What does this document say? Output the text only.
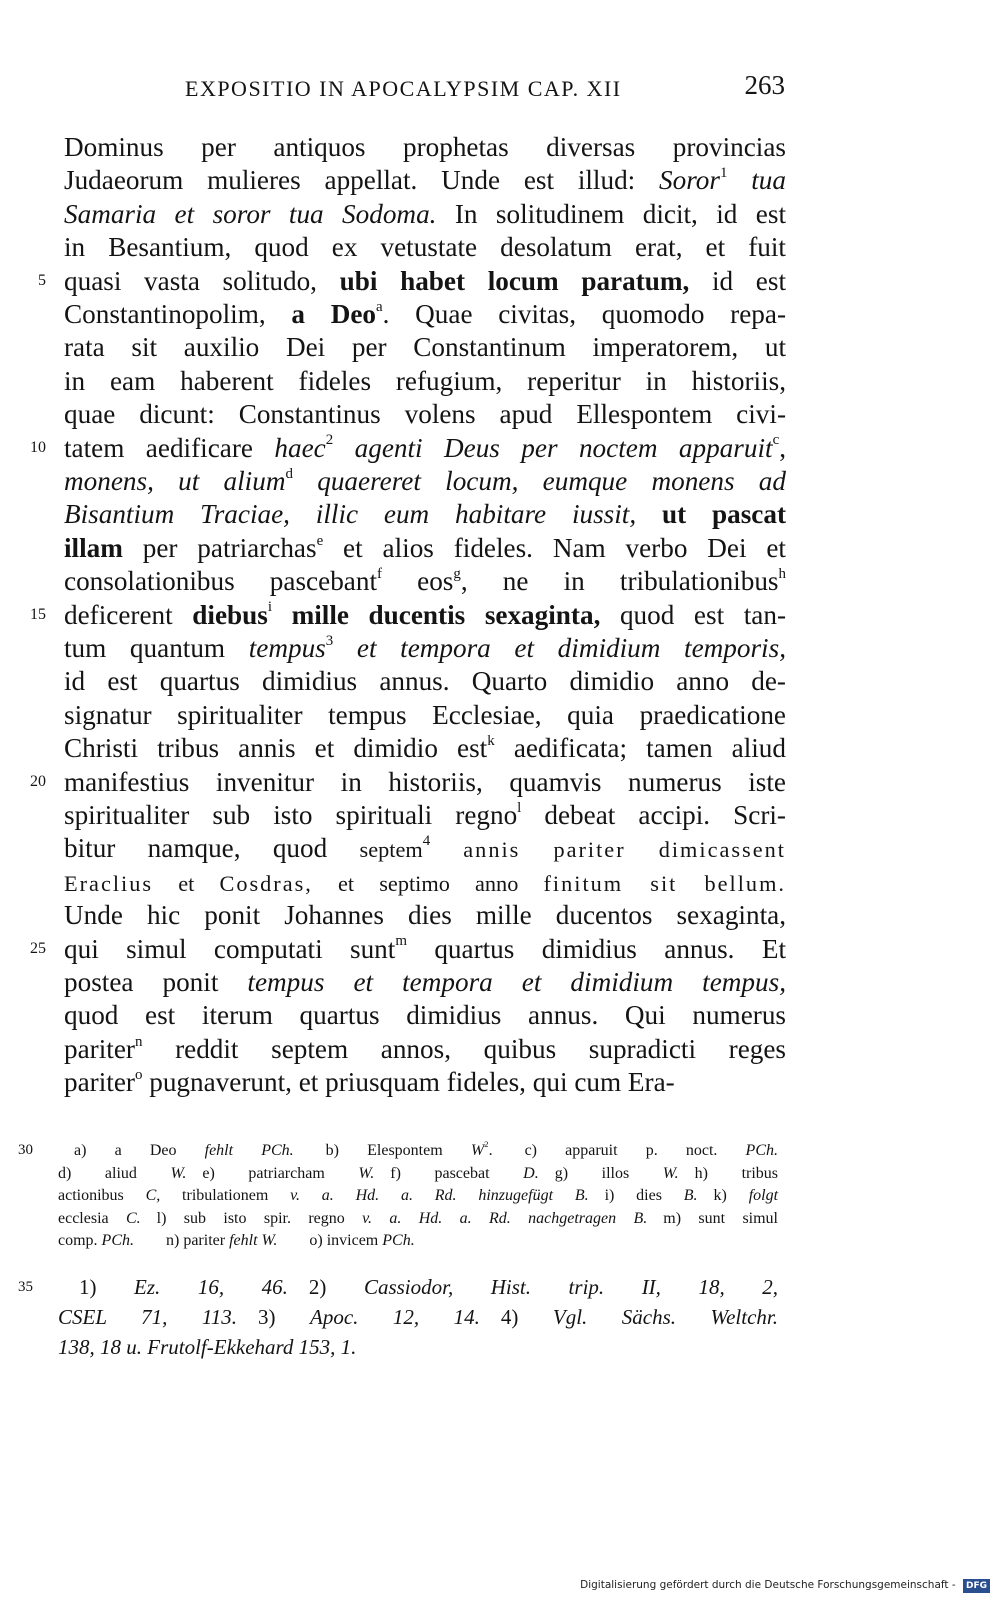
EXPOSITIO IN APOCALYPSIM CAP. XII	263
Dominus per antiquos prophetas diversas provincias
Judaeorum mulieres appellat. Unde est illud: Soror$^1$ tua
Samaria et soror tua Sodoma. In solitudinem dicit, id est
in Besantium, quod ex vetustate desolatum erat, et fuit
5 quasi vasta solitudo, ubi habet locum paratum, id est
Constantinopolim, a Deo$^a$. Quae civitas, quomodo repa-
rata sit auxilio Dei per Constantinum imperatorem, ut
in eam haberent fideles refugium, reperitur in historiis,
quae dicunt: Constantinus volens apud Ellespontem civi-
10 tatem aedificare haec$^2$ agenti Deus per noctem apparuit$^c$,
monens, ut alium$^d$ quaereret locum, eumque monens ad
Bisantium Traciae, illic eum habitare iussit, ut pascat
illam per patriarchas$^e$ et alios fideles. Nam verbo Dei et
consolationibus pascebant$^f$ eos$^g$, ne in tribulationibus$^h$
15 deficerent diebus$^i$ mille ducentis sexaginta, quod est tan-
tum quantum tempus$^3$ et tempora et dimidium temporis,
id est quartus dimidius annus. Quarto dimidio anno de-
signatur spiritualiter tempus Ecclesiae, quia praedicatione
Christi tribus annis et dimidio est$^k$ aedificata; tamen aliud
20 manifestius invenitur in historiis, quamvis numerus iste
spiritualiter sub isto spirituali regno$^l$ debeat accipi. Scri-
bitur namque, quod septem$^4$ annis pariter dimicassent
Eraclius et Cosdras, et septimo anno finitum sit bellum.
Unde hic ponit Johannes dies mille ducentos sexaginta,
25 qui simul computati sunt$^m$ quartus dimidius annus. Et
postea ponit tempus et tempora et dimidium tempus,
quod est iterum quartus dimidius annus. Qui numerus
pariter$^n$ reddit septem annos, quibus supradicti reges
pariter$^o$ pugnaverunt, et priusquam fideles, qui cum Era-
30	 a) a Deo fehlt PCh.  b) Elespontem $W^2$.  c) apparuit p. noct. PCh.
d) aliud W. e) patriarcham W. f) pascebat D. g) illos W. h) tribus
actionibus C, tribulationem v. a. Hd. a. Rd. hinzugefügt B. i) dies B. k) folgt
ecclesia C. l) sub isto spir. regno v. a. Hd. a. Rd. nachgetragen B. m) sunt simul
comp. PCh.  n) pariter fehlt W.  o) invicem PCh.
35	 1) Ez. 16, 46. 2) Cassiodor, Hist. trip. II, 18, 2,
CSEL 71, 113. 3) Apoc. 12, 14. 4) Vgl. Sächs. Weltchr.
138, 18 u. Frutolf-Ekkehard 153, 1.
Digitalisierung gefördert durch die Deutsche Forschungsgemeinschaft - DFG
